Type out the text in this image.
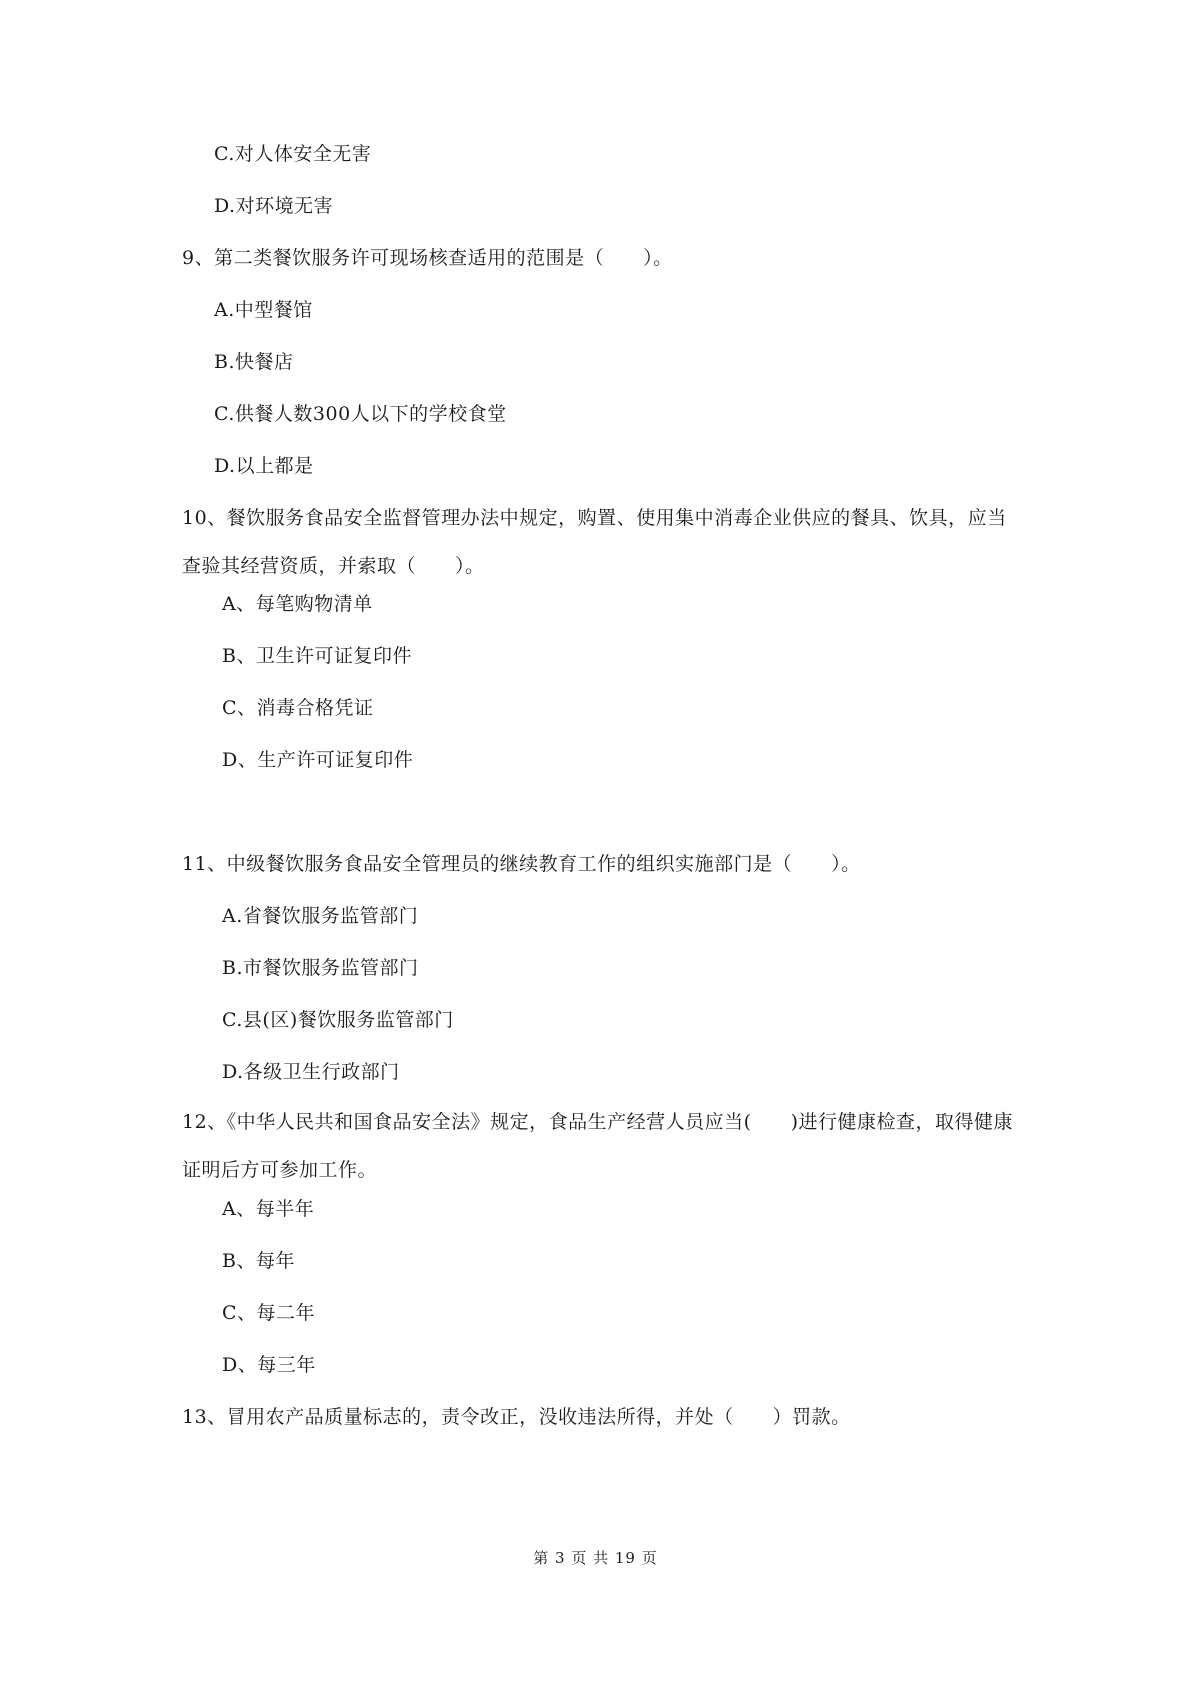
C.对人体安全无害
D.对环境无害
9、第二类餐饮服务许可现场核查适用的范围是（　　）。
A.中型餐馆
B.快餐店
C.供餐人数300人以下的学校食堂
D.以上都是
10、餐饮服务食品安全监督管理办法中规定，购置、使用集中消毒企业供应的餐具、饮具，应当查验其经营资质，并索取（　　）。
A、每笔购物清单
B、卫生许可证复印件
C、消毒合格凭证
D、生产许可证复印件
11、中级餐饮服务食品安全管理员的继续教育工作的组织实施部门是（　　）。
A.省餐饮服务监管部门
B.市餐饮服务监管部门
C.县(区)餐饮服务监管部门
D.各级卫生行政部门
12、《中华人民共和国食品安全法》规定，食品生产经营人员应当(　　)进行健康检查，取得健康证明后方可参加工作。
A、每半年
B、每年
C、每二年
D、每三年
13、冒用农产品质量标志的，责令改正，没收违法所得，并处（　　）罚款。
第 3 页 共 19 页
